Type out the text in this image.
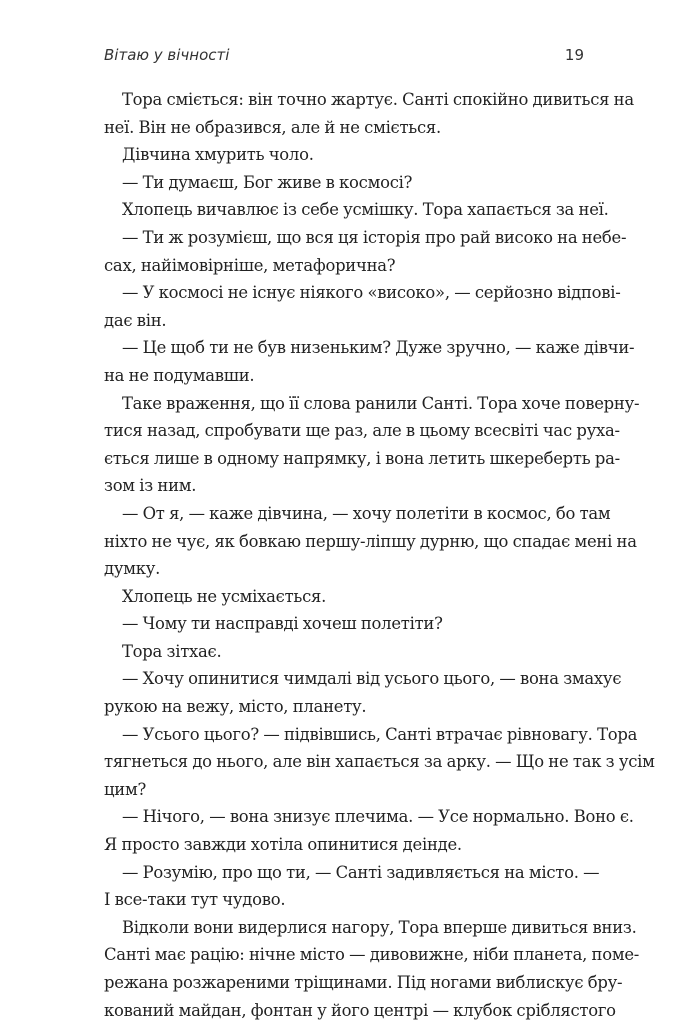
Вітаю у вічності	19
Тора сміється: він точно жартує. Санті спокійно дивиться на
неї. Він не образився, але й не сміється.
Дівчина хмурить чоло.
— Ти думаєш, Бог живе в космосі?
Хлопець вичавлює із себе усмішку. Тора хапається за неї.
— Ти ж розумієш, що вся ця історія про рай високо на небе-
сах, найімовірніше, метафорична?
— У космосі не існує ніякого «високо», — серйозно відпові-
дає він.
— Це щоб ти не був низеньким? Дуже зручно, — каже дівчи-
на не подумавши.
Таке враження, що її слова ранили Санті. Тора хоче поверну-
тися назад, спробувати ще раз, але в цьому всесвіті час руха-
ється лише в одному напрямку, і вона летить шкереберть ра-
зом із ним.
— От я, — каже дівчина, — хочу полетіти в космос, бо там
ніхто не чує, як бовкаю першу-ліпшу дурню, що спадає мені на
думку.
Хлопець не усміхається.
— Чому ти насправді хочеш полетіти?
Тора зітхає.
— Хочу опинитися чимдалі від усього цього, — вона змахує
рукою на вежу, місто, планету.
— Усього цього? — підвівшись, Санті втрачає рівновагу. Тора
тягнеться до нього, але він хапається за арку. — Що не так з усім
цим?
— Нічого, — вона знизує плечима. — Усе нормально. Воно є.
Я просто завжди хотіла опинитися деінде.
— Розумію, про що ти, — Санті задивляється на місто. —
І все-таки тут чудово.
Відколи вони видерлися нагору, Тора вперше дивиться вниз.
Санті має рацію: нічне місто — дивовижне, ніби планета, поме-
режана розжареними тріщинами. Під ногами виблискує бру-
кований майдан, фонтан у його центрі — клубок сріблястого
